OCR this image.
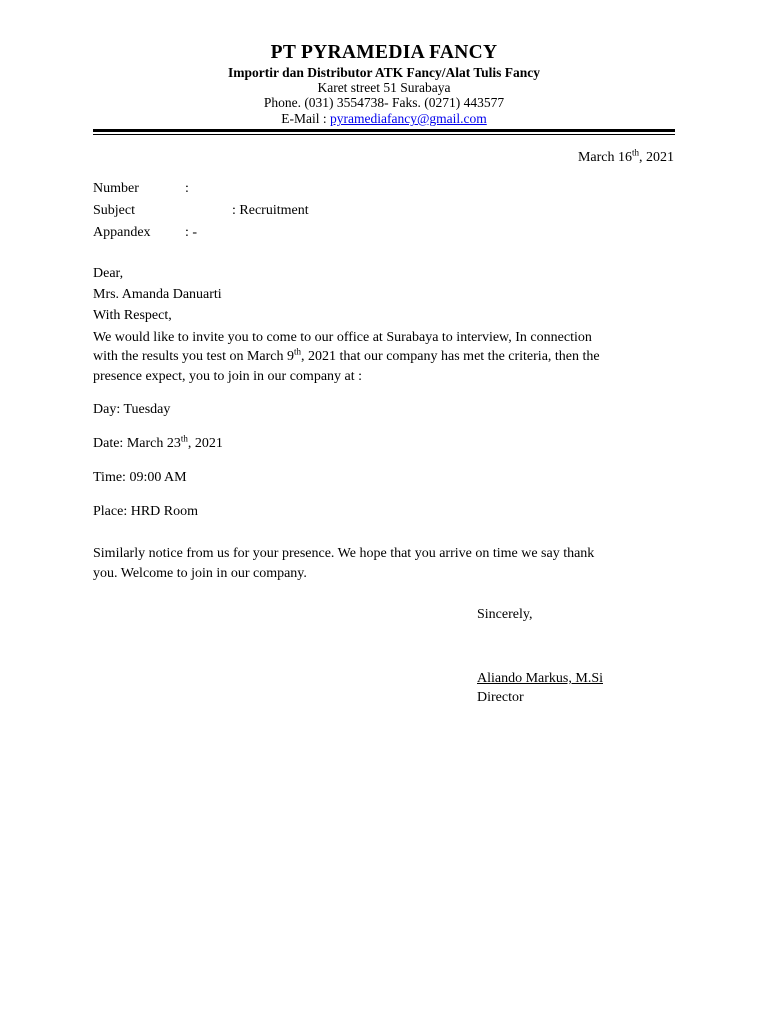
PT PYRAMEDIA FANCY
Importir dan Distributor ATK Fancy/Alat Tulis Fancy
Karet street 51 Surabaya
Phone. (031) 3554738- Faks. (0271) 443577
E-Mail : pyramediafancy@gmail.com
March 16th, 2021
Number	:
Subject	: Recruitment
Appandex : -
Dear,
Mrs. Amanda Danuarti
With Respect,
We would like to invite you to come to our office at Surabaya to interview, In connection
with the results you test on March 9th, 2021 that our company has met the criteria, then the
presence expect, you to join in our company at :
Day: Tuesday
Date: March 23th, 2021
Time: 09:00 AM
Place: HRD Room
Similarly notice from us for your presence. We hope that you arrive on time we say thank
you. Welcome to join in our company.
Sincerely,
Aliando Markus, M.Si
Director
